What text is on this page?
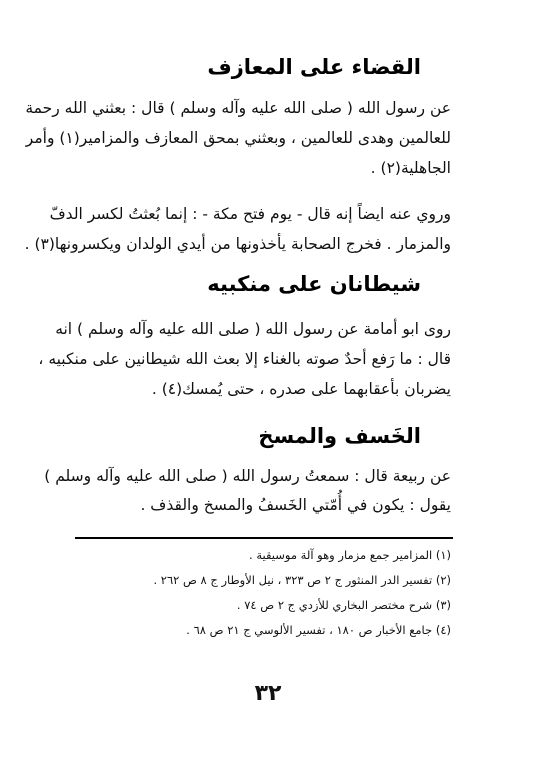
القضاء على المعازف
عن رسول الله ( صلى الله عليه وآله وسلم ) قال : بعثني الله رحمة
للعالمين وهدى للعالمين ، وبعثني بمحق المعازف والمزامير(١) وأمر
الجاهلية(٢) .
وروي عنه ايضاً إنه قال - يوم فتح مكة - : إنما بُعثتُ لكسر الدفّ
والمزمار . فخرج الصحابة يأخذونها من أيدي الولدان ويكسرونها(٣) .
شيطانان على منكبيه
روى ابو أمامة عن رسول الله ( صلى الله عليه وآله وسلم ) انه
قال : ما رَفع أحدٌ صوته بالغناء إلا بعث الله شيطانين على منكبيه ،
يضربان بأعقابهما على صدره ، حتى يُمسك(٤) .
الخَسف والمسخ
عن ربيعة قال : سمعتُ رسول الله ( صلى الله عليه وآله وسلم )
يقول : يكون في أُمّتي الخَسفُ والمسخ والقذف .
(١) المزامير جمع مزمار وهو آلة موسيقية .
(٢) تفسير الدر المنثور ج ٢ ص ٣٢٣ ، نيل الأوطار ج ٨ ص ٢٦٢ .
(٣) شرح مختصر البخاري للأزدي ج ٢ ص ٧٤ .
(٤) جامع الأخبار ص ١٨٠ ، تفسير الألوسي ج ٢١ ص ٦٨ .
٣٢
